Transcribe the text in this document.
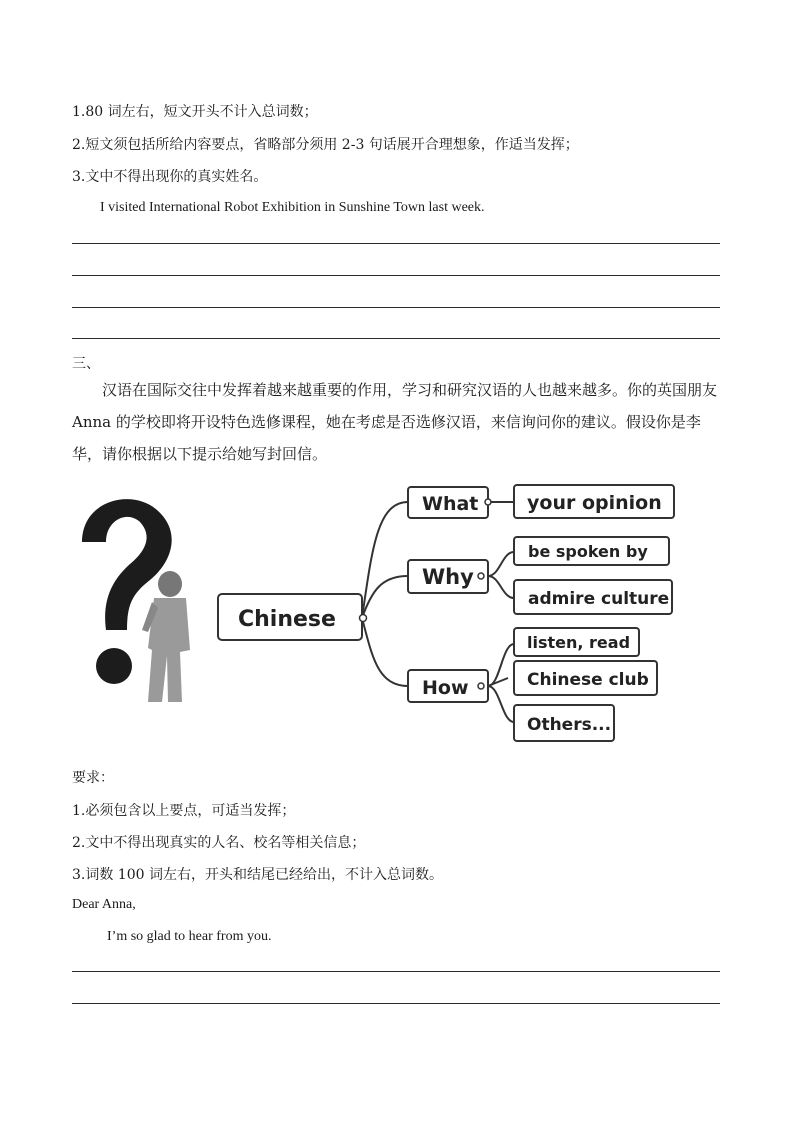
1.80 词左右，短文开头不计入总词数；
2.短文须包括所给内容要点，省略部分须用 2-3 句话展开合理想象，作适当发挥；
3.文中不得出现你的真实姓名。
I visited International Robot Exhibition in Sunshine Town last week.
三、
汉语在国际交往中发挥着越来越重要的作用，学习和研究汉语的人也越来越多。你的英国朋友 Anna 的学校即将开设特色选修课程，她在考虑是否选修汉语，来信询问你的建议。假设你是李华，请你根据以下提示给她写封回信。
Chinese
What	your opinion
Why
be spoken by
admire culture
How
listen, read
Chinese club
Others...
要求：
1.必须包含以上要点，可适当发挥；
2.文中不得出现真实的人名、校名等相关信息；
3.词数 100 词左右，开头和结尾已经给出，不计入总词数。
Dear Anna,
I’m so glad to hear from you.
